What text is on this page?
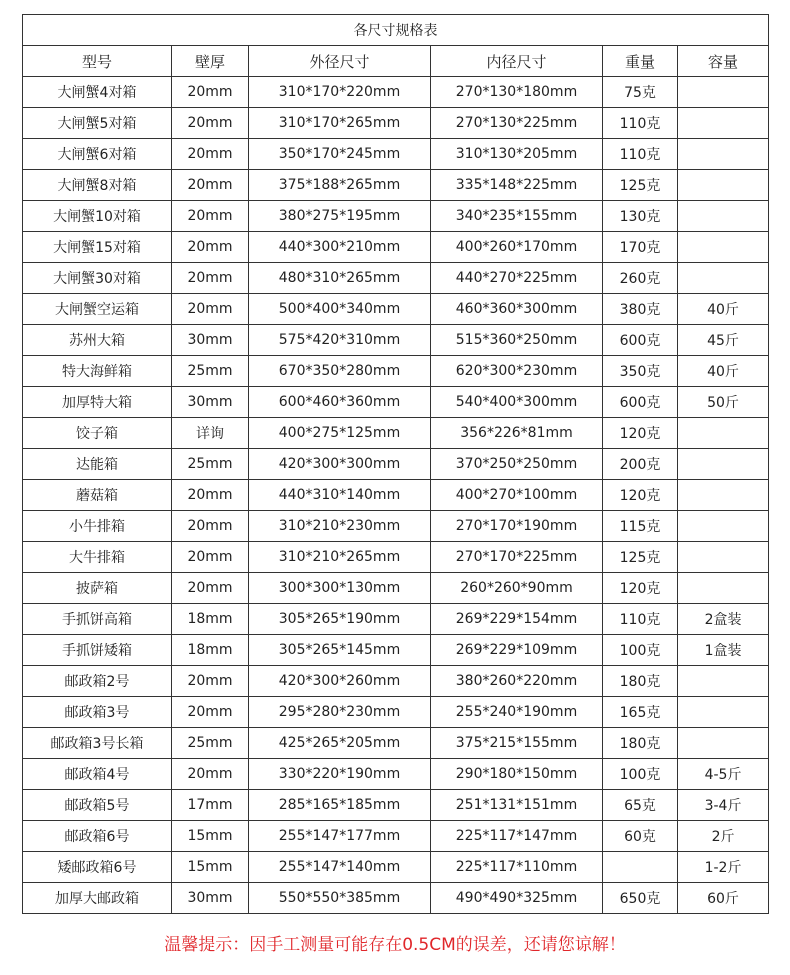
各尺寸规格表					
型号	壁厚	外径尺寸	内径尺寸	重量	容量
大闸蟹4对箱	20mm	310*170*220mm	270*130*180mm	75克	
大闸蟹5对箱	20mm	310*170*265mm	270*130*225mm	110克	
大闸蟹6对箱	20mm	350*170*245mm	310*130*205mm	110克	
大闸蟹8对箱	20mm	375*188*265mm	335*148*225mm	125克	
大闸蟹10对箱	20mm	380*275*195mm	340*235*155mm	130克	
大闸蟹15对箱	20mm	440*300*210mm	400*260*170mm	170克	
大闸蟹30对箱	20mm	480*310*265mm	440*270*225mm	260克	
大闸蟹空运箱	20mm	500*400*340mm	460*360*300mm	380克	40斤
苏州大箱	30mm	575*420*310mm	515*360*250mm	600克	45斤
特大海鲜箱	25mm	670*350*280mm	620*300*230mm	350克	40斤
加厚特大箱	30mm	600*460*360mm	540*400*300mm	600克	50斤
饺子箱	详询	400*275*125mm	356*226*81mm	120克	
达能箱	25mm	420*300*300mm	370*250*250mm	200克	
蘑菇箱	20mm	440*310*140mm	400*270*100mm	120克	
小牛排箱	20mm	310*210*230mm	270*170*190mm	115克	
大牛排箱	20mm	310*210*265mm	270*170*225mm	125克	
披萨箱	20mm	300*300*130mm	260*260*90mm	120克	
手抓饼高箱	18mm	305*265*190mm	269*229*154mm	110克	2盒装
手抓饼矮箱	18mm	305*265*145mm	269*229*109mm	100克	1盒装
邮政箱2号	20mm	420*300*260mm	380*260*220mm	180克	
邮政箱3号	20mm	295*280*230mm	255*240*190mm	165克	
邮政箱3号长箱	25mm	425*265*205mm	375*215*155mm	180克	
邮政箱4号	20mm	330*220*190mm	290*180*150mm	100克	4-5斤
邮政箱5号	17mm	285*165*185mm	251*131*151mm	65克	3-4斤
邮政箱6号	15mm	255*147*177mm	225*117*147mm	60克	2斤
矮邮政箱6号	15mm	255*147*140mm	225*117*110mm		1-2斤
加厚大邮政箱	30mm	550*550*385mm	490*490*325mm	650克	60斤
温馨提示：因手工测量可能存在0.5CM的误差，还请您谅解！
